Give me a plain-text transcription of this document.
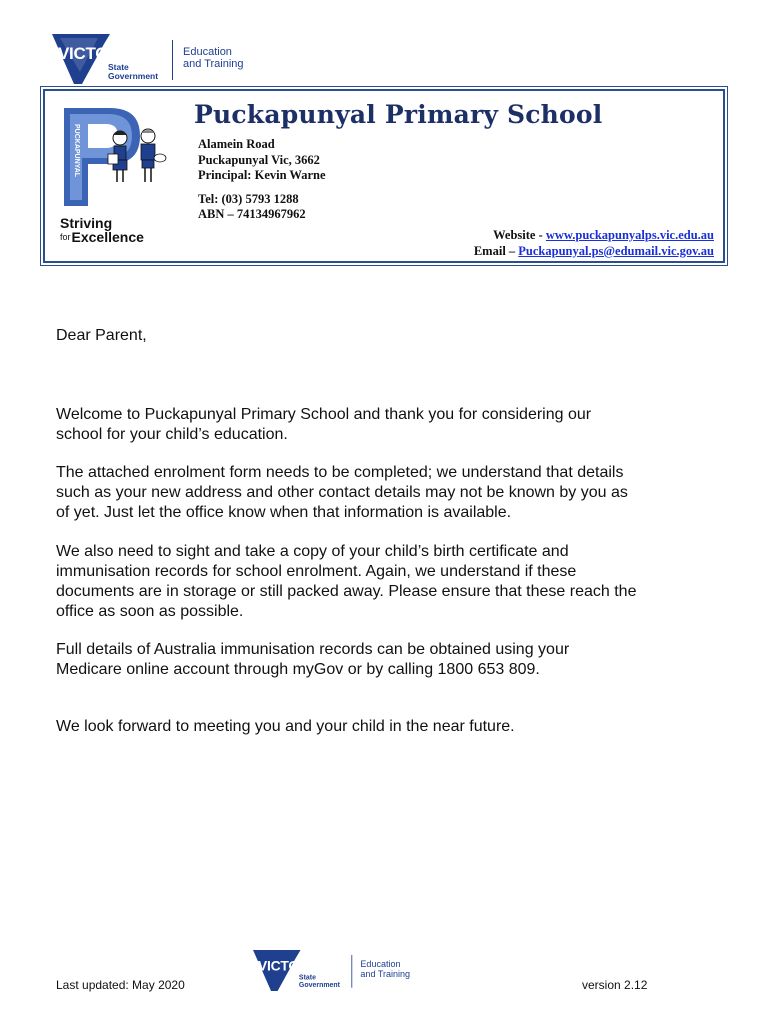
VICTORIA
State
Government
Education
and Training
PUCKAPUNYAL
Striving
forExcellence
Puckapunyal Primary School
Alamein Road
Puckapunyal Vic, 3662
Principal: Kevin Warne
Tel: (03) 5793 1288
ABN – 74134967962
Website - www.puckapunyalps.vic.edu.au
Email – Puckapunyal.ps@edumail.vic.gov.au

Dear Parent,

Welcome to Puckapunyal Primary School and thank you for considering our

school for your child’s education.

The attached enrolment form needs to be completed; we understand that details

such as your new address and other contact details may not be known by you as

of yet. Just let the office know when that information is available.

We also need to sight and take a copy of your child’s birth certificate and

immunisation records for school enrolment. Again, we understand if these

documents are in storage or still packed away. Please ensure that these reach the

office as soon as possible.

Full details of Australia immunisation records can be obtained using your

Medicare online account through myGov or by calling 1800 653 809.

We look forward to meeting you and your child in the near future.

VICTORIA
State
Government
Education
and Training
Last updated: May 2020	version 2.12
